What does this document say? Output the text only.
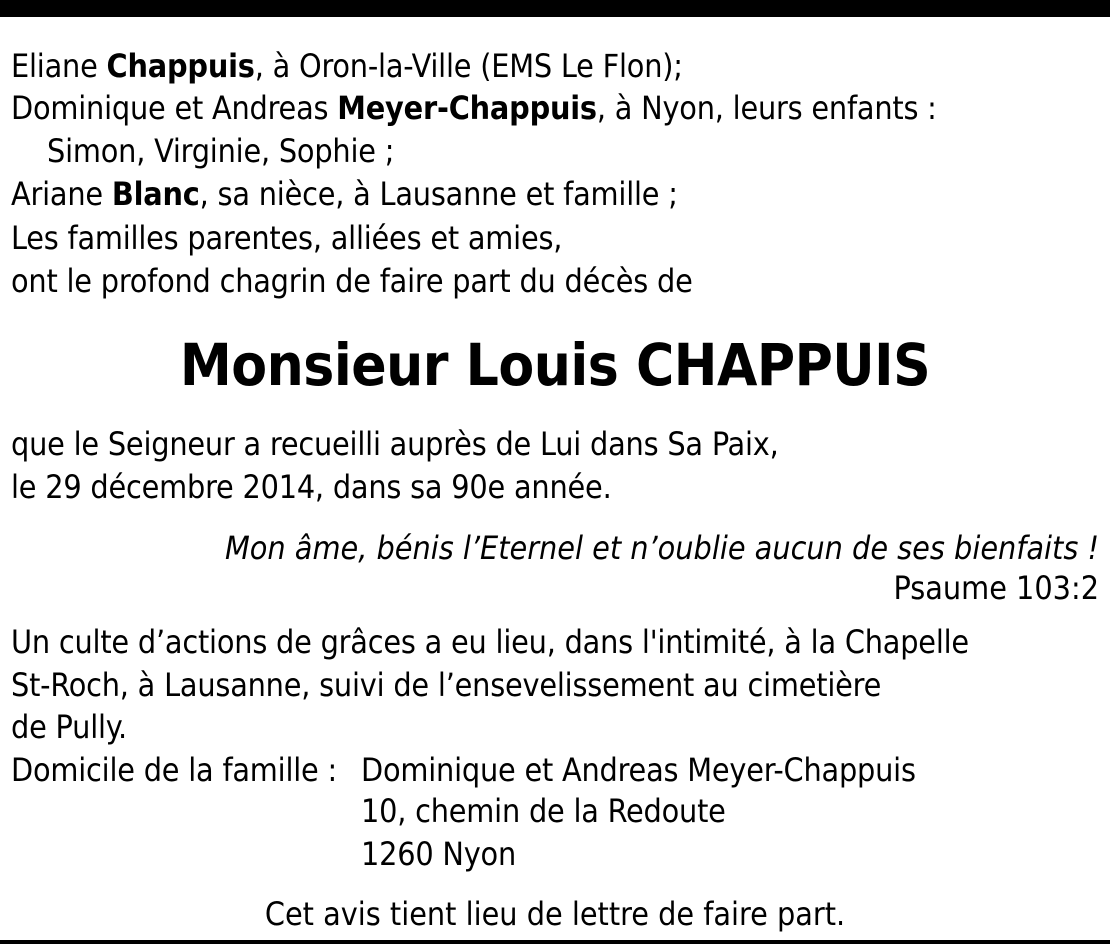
Eliane Chappuis, à Oron-la-Ville (EMS Le Flon);
Dominique et Andreas Meyer-Chappuis, à Nyon, leurs enfants :
Simon, Virginie, Sophie ;
Ariane Blanc, sa nièce, à Lausanne et famille ;
Les familles parentes, alliées et amies,
ont le profond chagrin de faire part du décès de
Monsieur Louis CHAPPUIS
que le Seigneur a recueilli auprès de Lui dans Sa Paix,
le 29 décembre 2014, dans sa 90e année.
Mon âme, bénis l’Eternel et n’oublie aucun de ses bienfaits !
Psaume 103:2
Un culte d’actions de grâces a eu lieu, dans l'intimité, à la Chapelle
St-Roch, à Lausanne, suivi de l’ensevelissement au cimetière
de Pully.
Domicile de la famille : Dominique et Andreas Meyer-Chappuis
10, chemin de la Redoute
1260 Nyon
Cet avis tient lieu de lettre de faire part.
